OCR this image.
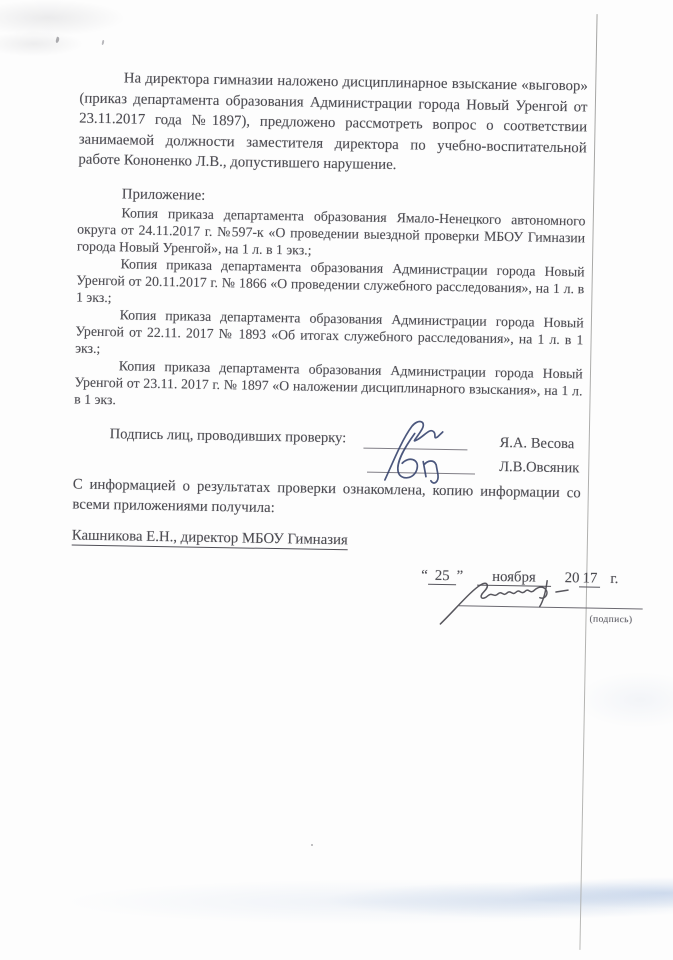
На директора гимназии наложено дисциплинарное взыскание «выговор» (приказ департамента образования Администрации города Новый Уренгой от 23.11.2017 года №1897), предложено рассмотреть вопрос о соответствии занимаемой должности заместителя директора по учебно-воспитательной работе Кононенко Л.В., допустившего нарушение.

Приложение:

Копия приказа департамента образования Ямало-Ненецкого автономного округа от 24.11.2017 г. №597-к «О проведении выездной проверки МБОУ Гимназии города Новый Уренгой», на 1 л. в 1 экз.;

Копия приказа департамента образования Администрации города Новый Уренгой от 20.11.2017 г. № 1866 «О проведении служебного расследования», на 1 л. в 1 экз.;

Копия приказа департамента образования Администрации города Новый Уренгой от 22.11. 2017 № 1893 «Об итогах служебного расследования», на 1 л. в 1 экз.;

Копия приказа департамента образования Администрации города Новый Уренгой от 23.11. 2017 г. № 1897 «О наложении дисциплинарного взыскания», на 1 л. в 1 экз.

Подпись лиц, проводивших проверку:	Я.А. Весова
Л.В.Овсяник

С информацией о результатах проверки ознакомлена, копию информации со всеми приложениями получила:

Кашникова Е.Н., директор МБОУ Гимназия

“ 25 ” ноября 20 17 г.
(подпись)
